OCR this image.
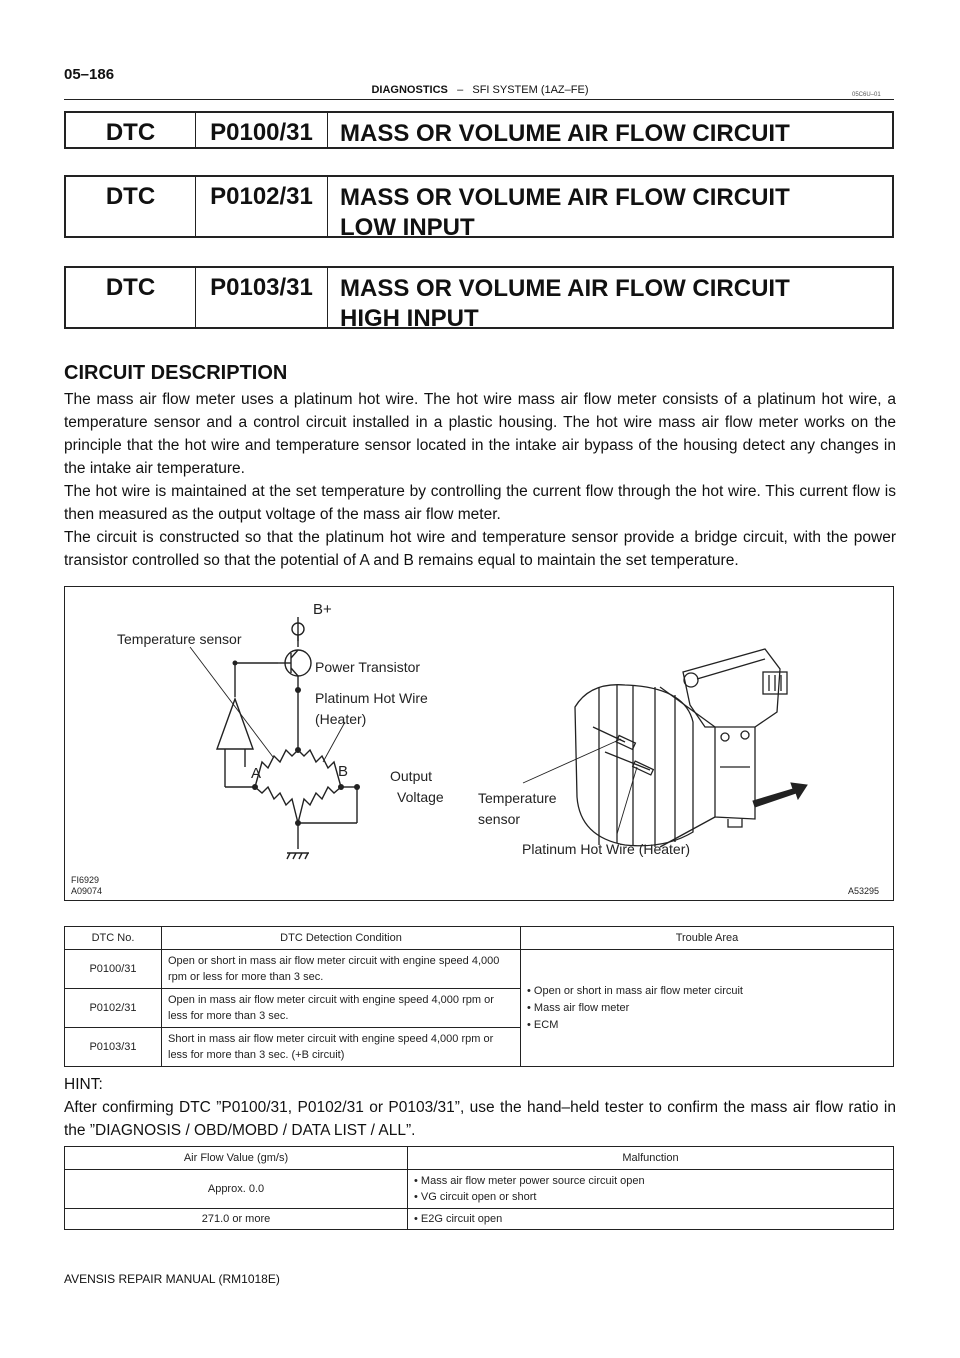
05–186
DIAGNOSTICS – SFI SYSTEM (1AZ–FE)	05C6U–01
DTC	P0100/31	MASS OR VOLUME AIR FLOW CIRCUIT
DTC	P0102/31	MASS OR VOLUME AIR FLOW CIRCUIT
LOW INPUT
DTC	P0103/31	MASS OR VOLUME AIR FLOW CIRCUIT
HIGH INPUT
CIRCUIT DESCRIPTION
The mass air flow meter uses a platinum hot wire. The hot wire mass air flow meter consists of a platinum hot wire, a temperature sensor and a control circuit installed in a plastic housing. The hot wire mass air flow meter works on the principle that the hot wire and temperature sensor located in the intake air bypass of the housing detect any changes in the intake air temperature.
The hot wire is maintained at the set temperature by controlling the current flow through the hot wire. This current flow is then measured as the output voltage of the mass air flow meter.
The circuit is constructed so that the platinum hot wire and temperature sensor provide a bridge circuit, with the power transistor controlled so that the potential of A and B remains equal to maintain the set temperature.
B+
Temperature sensor
Power Transistor
Platinum Hot Wire
(Heater)
A	B	Output
Voltage Temperature
sensor
Platinum Hot Wire (Heater)
FI6929
A09074	A53295
DTC No.	DTC Detection Condition	Trouble Area
P0100/31	Open or short in mass air flow meter circuit with engine speed 4,000 rpm or less for more than 3 sec.	• Open or short in mass air flow meter circuit
• Mass air flow meter
• ECM

P0102/31	Open in mass air flow meter circuit with engine speed 4,000 rpm or less for more than 3 sec.	
P0103/31	Short in mass air flow meter circuit with engine speed 4,000 rpm or less for more than 3 sec. (+B circuit)	
HINT:
After confirming DTC ”P0100/31, P0102/31 or P0103/31”, use the hand–held tester to confirm the mass air flow ratio in the ”DIAGNOSIS / OBD/MOBD / DATA LIST / ALL”.
Air Flow Value (gm/s)	Malfunction
Approx. 0.0	• Mass air flow meter power source circuit open
• VG circuit open or short

271.0 or more	• E2G circuit open
AVENSIS REPAIR MANUAL (RM1018E)
